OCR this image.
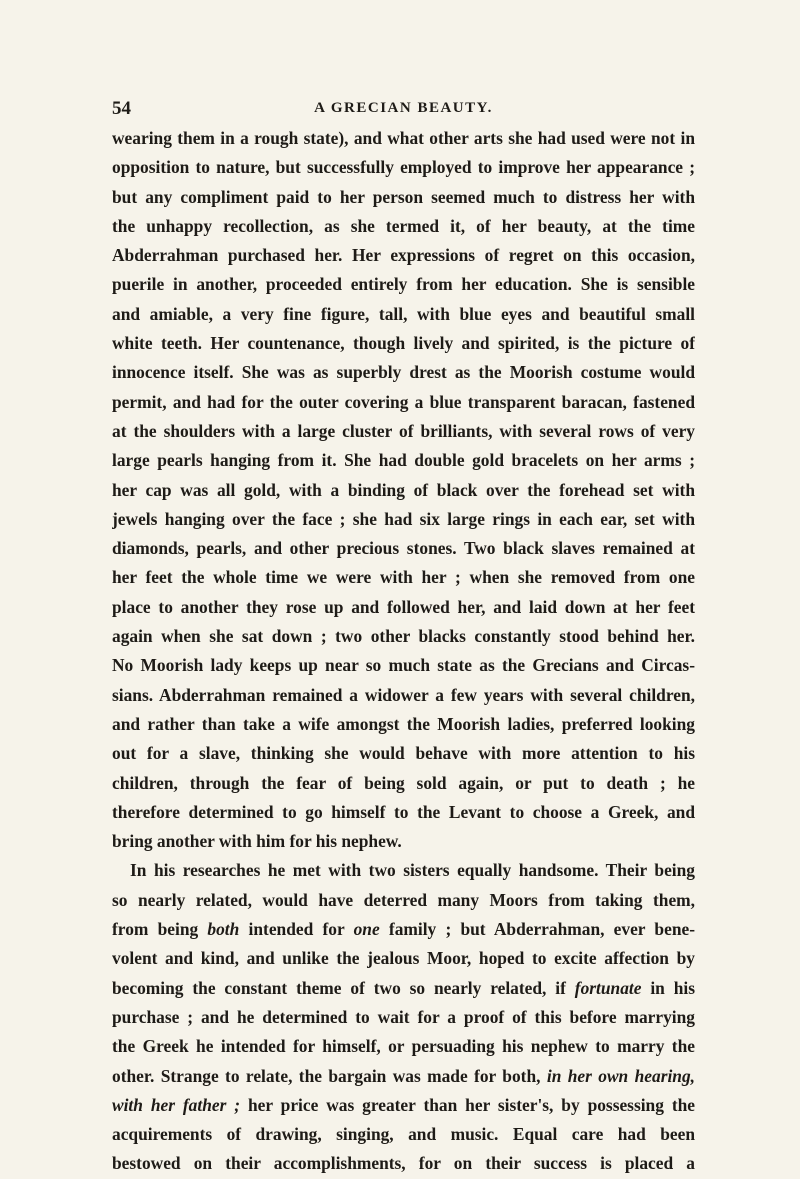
54	A GRECIAN BEAUTY.
wearing them in a rough state), and what other arts she had used were not in
opposition to nature, but successfully employed to improve her appearance ;
but any compliment paid to her person seemed much to distress her with
the unhappy recollection, as she termed it, of her beauty, at the time
Abderrahman purchased her. Her expressions of regret on this occasion,
puerile in another, proceeded entirely from her education. She is sensible
and amiable, a very fine figure, tall, with blue eyes and beautiful small
white teeth. Her countenance, though lively and spirited, is the picture of
innocence itself. She was as superbly drest as the Moorish costume would
permit, and had for the outer covering a blue transparent baracan, fastened
at the shoulders with a large cluster of brilliants, with several rows of very
large pearls hanging from it. She had double gold bracelets on her arms ;
her cap was all gold, with a binding of black over the forehead set with
jewels hanging over the face ; she had six large rings in each ear, set with
diamonds, pearls, and other precious stones. Two black slaves remained at
her feet the whole time we were with her ; when she removed from one
place to another they rose up and followed her, and laid down at her feet
again when she sat down ; two other blacks constantly stood behind her.
No Moorish lady keeps up near so much state as the Grecians and Circas-
sians. Abderrahman remained a widower a few years with several children,
and rather than take a wife amongst the Moorish ladies, preferred looking
out for a slave, thinking she would behave with more attention to his
children, through the fear of being sold again, or put to death ; he
therefore determined to go himself to the Levant to choose a Greek, and
bring another with him for his nephew.
In his researches he met with two sisters equally handsome. Their being
so nearly related, would have deterred many Moors from taking them,
from being both intended for one family ; but Abderrahman, ever bene-
volent and kind, and unlike the jealous Moor, hoped to excite affection by
becoming the constant theme of two so nearly related, if fortunate in his
purchase ; and he determined to wait for a proof of this before marrying
the Greek he intended for himself, or persuading his nephew to marry the
other. Strange to relate, the bargain was made for both, in her own hearing,
with her father ; her price was greater than her sister's, by possessing the
acquirements of drawing, singing, and music. Equal care had been
bestowed on their accomplishments, for on their success is placed a
